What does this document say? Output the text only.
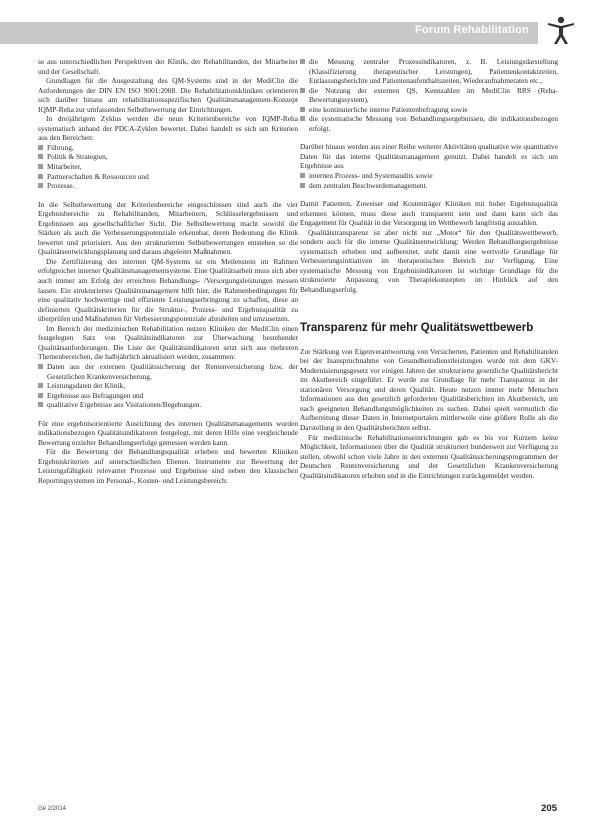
Forum Rehabilitation

se aus unterschiedlichen Perspektiven der Klinik, der Rehabilitanden, der Mitarbeiter und der Gesellschaft.

Grundlagen für die Ausgestaltung des QM-Systems sind in der MediClin die Anforderungen der DIN EN ISO 9001:2008. Die Rehabilitationskliniken orientieren sich darüber hinaus am rehabilitationsspezifischen Qualitätsmanagement-Konzept IQMP-Reha zur umfassenden Selbstbewertung der Einrichtungen.

In dreijährigem Zyklus werden die neun Kriterienbereiche von IQMP-Reha systematisch anhand der PDCA-Zyklen bewertet. Dabei handelt es sich um Kriterien aus den Bereichen:

Führung,
Politik & Strategien,
Mitarbeiter,
Partnerschaften & Ressourcen und
Prozesse.

In die Selbstbewertung der Kriterienbereiche eingeschlossen sind auch die vier Ergebnisbereiche zu Rehabilitanden, Mitarbeitern, Schlüsselergebnissen und Ergebnissen aus gesellschaftlicher Sicht. Die Selbstbewertung macht sowohl die Stärken als auch die Verbesserungspotenziale erkennbar, deren Bedeutung die Klinik bewertet und priorisiert. Aus den strukturierten Selbstbewertungen entstehen so die Qualitätsentwicklungsplanung und daraus abgeleitet Maßnahmen.

Die Zertifizierung des internen QM-Systems ist ein Meilenstein im Rahmen erfolgreicher interner Qualitätsmanagementsysteme. Eine Qualitätsarbeit muss sich aber auch immer am Erfolg der erreichten Behandlungs- /Versorgungsleistungen messen lassen. Ein strukturiertes Qualitätsmanagement hilft hier, die Rahmenbedingungen für eine qualitativ hochwertige und effiziente Leistungserbringung zu schaffen, diese an definierten Qualitätskriterien für die Struktur-, Prozess- und Ergebnisqualität zu überprüfen und Maßnahmen für Verbesserungspotenziale abzuleiten und umzusetzen.

Im Bereich der medizinischen Rehabilitation nutzen Kliniken der MediClin einen festgelegten Satz von Qualitätsindikatoren zur Überwachung bestehender Qualitätsanforderungen. Die Liste der Qualitätsindikatoren setzt sich aus mehreren Themenbereichen, die halbjährlich aktualisiert werden, zusammen:

Daten aus der externen Qualitätssicherung der Rentenversicherung bzw. der Gesetzlichen Krankenversicherung,
Leistungsdaten der Klinik,
Ergebnisse aus Befragungen und
qualitative Ergebnisse aus Visitationen/Begehungen.

Für eine ergebnisorientierte Ausrichtung des internen Qualitätsmanagements wurden indikationsbezogen Qualitätsindikatoren festgelegt, mit deren Hilfe eine vergleichende Bewertung erzielter Behandlungserfolge gemessen werden kann.

Für die Bewertung der Behandlungsqualität erheben und bewerten Kliniken Ergebniskriterien auf unterschiedlichen Ebenen. Instrumente zur Bewertung der Leistungsfähigkeit relevanter Prozesse und Ergebnisse sind neben den klassischen Reportingsystemen im Personal-, Kosten- und Leistungsbereich:

die Messung zentraler Prozessindikatoren, z. B. Leistungsdarstellung (Klassifizierung therapeutischer Leistungen), Patientenkontaktzeiten, Entlassungsberichte und Patientenaufenthaltszeiten, Wiederaufnahmeraten etc.,
die Nutzung der externen QS, Kennzahlen im MediClin RRS (Reha-Bewertungssystem),
eine kontinuierliche interne Patientenbefragung sowie
die systematische Messung von Behandlungsergebnissen, die indikationsbezogen erfolgt.

Darüber hinaus werden aus einer Reihe weiterer Aktivitäten qualitative wie quantitative Daten für das interne Qualitätsmanagement genutzt. Dabei handelt es sich um Ergebnisse aus

internen Prozess- und Systemaudits sowie
dem zentralen Beschwerdemanagement.

Damit Patienten, Zuweiser und Kostenträger Kliniken mit hoher Ergebnisqualität erkennen können, muss diese auch transparent sein und dann kann sich das Engagement für Qualität in der Versorgung im Wettbewerb langfristig auszahlen.

Qualitätstransparenz ist aber nicht nur „Motor“ für den Qualitätswettbewerb, sondern auch für die interne Qualitätsentwicklung: Werden Behandlungsergebnisse systematisch erhoben und aufbereitet, steht damit eine wertvolle Grundlage für Verbesserungsinitiativen im therapeutischen Bereich zur Verfügung. Eine systematische Messung von Ergebnisindikatoren ist wichtige Grundlage für die strukturierte Anpassung von Therapiekonzepten im Hinblick auf den Behandlungserfolg.

Transparenz für mehr Qualitätswettbewerb

Zur Stärkung von Eigenverantwortung von Versicherten, Patienten und Rehabilitanden bei der Inanspruchnahme von Gesundheitsdienstleistungen wurde mit dem GKV-Modernisierungsgesetz vor einigen Jahren der strukturierte gesetzliche Qualitätsbericht im Akutbereich eingeführt. Er wurde zur Grundlage für mehr Transparenz in der stationären Versorgung und deren Qualität. Heute nutzen immer mehr Menschen Informationen aus den gesetzlich geforderten Qualitätsberichten im Akutbereich, um nach geeigneten Behandlungsmöglichkeiten zu suchen. Dabei spielt vermutlich die Aufbereitung dieser Daten in Internetportalen mittlerweile eine größere Rolle als die Darstellung in den Qualitätsberichten selbst.

Für medizinische Rehabilitationseinrichtungen gab es bis vor Kurzem keine Möglichkeit, Informationen über die Qualität strukturiert bundesweit zur Verfügung zu stellen, obwohl schon viele Jahre in den externen Qualitätssicherungsprogrammen der Deutschen Rentenversicherung und der Gesetzlichen Krankenversicherung Qualitätsindikatoren erhoben und in die Einrichtungen zurückgemeldet werden.

Ge 2/2014	205
